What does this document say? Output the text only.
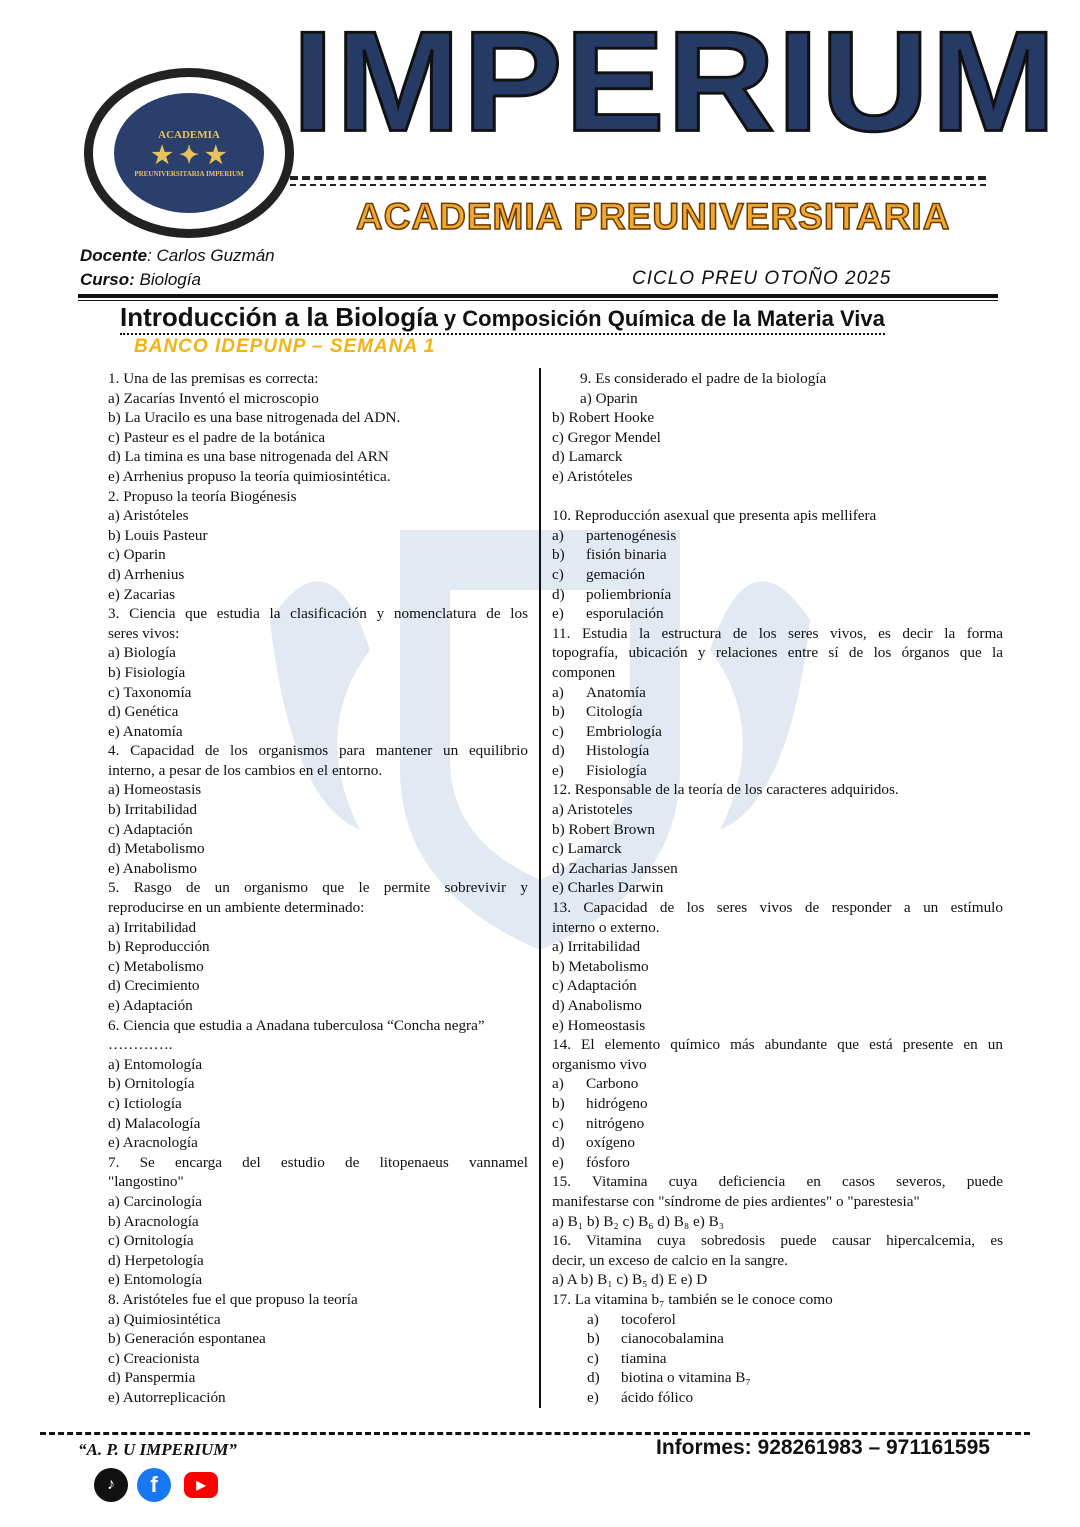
ACADEMIA
★ ✦ ★
PREUNIVERSITARIA IMPERIUM
IMPERIUM
ACADEMIA PREUNIVERSITARIA
Docente: Carlos Guzmán
Curso: Biología	CICLO PREU OTOÑO 2025
Introducción a la Biología y Composición Química de la Materia Viva
BANCO IDEPUNP – SEMANA 1
1. Una de las premisas es correcta:
a) Zacarías Inventó el microscopio
b) La Uracilo es una base nitrogenada del ADN.
c) Pasteur es el padre de la botánica
d) La timina es una base nitrogenada del ARN
e) Arrhenius propuso la teoría quimiosintética.
2. Propuso la teoría Biogénesis
a) Aristóteles
b) Louis Pasteur
c) Oparin
d) Arrhenius
e) Zacarias
3. Ciencia que estudia la clasificación y nomenclatura de los
seres vivos:
a) Biología
b) Fisiología
c) Taxonomía
d) Genética
e) Anatomía
4. Capacidad de los organismos para mantener un equilibrio
interno, a pesar de los cambios en el entorno.
a) Homeostasis
b) Irritabilidad
c) Adaptación
d) Metabolismo
e) Anabolismo
5. Rasgo de un organismo que le permite sobrevivir y
reproducirse en un ambiente determinado:
a) Irritabilidad
b) Reproducción
c) Metabolismo
d) Crecimiento
e) Adaptación
6. Ciencia que estudia a Anadana tuberculosa “Concha negra”
………….
a) Entomología
b) Ornitología
c) Ictiología
d) Malacología
e) Aracnología
7. Se encarga del estudio de litopenaeus vannamel
"langostino"
a) Carcinología
b) Aracnología
c) Ornitología
d) Herpetología
e) Entomología
8. Aristóteles fue el que propuso la teoría
a) Quimiosintética
b) Generación espontanea
c) Creacionista
d) Panspermia
e) Autorreplicación
9. Es considerado el padre de la biología
a) Oparin
b) Robert Hooke
c) Gregor Mendel
d) Lamarck
e) Aristóteles
10. Reproducción asexual que presenta apis mellifera
a) partenogénesis
b) fisión binaria
c) gemación
d) poliembrionía
e) esporulación
11. Estudia la estructura de los seres vivos, es decir la forma
topografía, ubicación y relaciones entre sí de los órganos que la
componen
a) Anatomía
b) Citología
c) Embriología
d) Histología
e) Fisiología
12. Responsable de la teoría de los caracteres adquiridos.
a) Aristoteles
b) Robert Brown
c) Lamarck
d) Zacharias Janssen
e) Charles Darwin
13. Capacidad de los seres vivos de responder a un estímulo
interno o externo.
a) Irritabilidad
b) Metabolismo
c) Adaptación
d) Anabolismo
e) Homeostasis
14. El elemento químico más abundante que está presente en un
organismo vivo
a) Carbono
b) hidrógeno
c) nitrógeno
d) oxígeno
e) fósforo
15. Vitamina cuya deficiencia en casos severos, puede
manifestarse con "síndrome de pies ardientes" o "parestesia"
a) B₁ b) B₂ c) B₆ d) B₈ e) B₃
16. Vitamina cuya sobredosis puede causar hipercalcemia, es
decir, un exceso de calcio en la sangre.
a) A b) B₁ c) B₅ d) E e) D
17. La vitamina b₇ también se le conoce como
a) tocoferol
b) cianocobalamina
c) tiamina
d) biotina o vitamina B₇
e) ácido fólico
“A. P. U IMPERIUM”	Informes: 928261983 – 971161595
♪	f	▶
